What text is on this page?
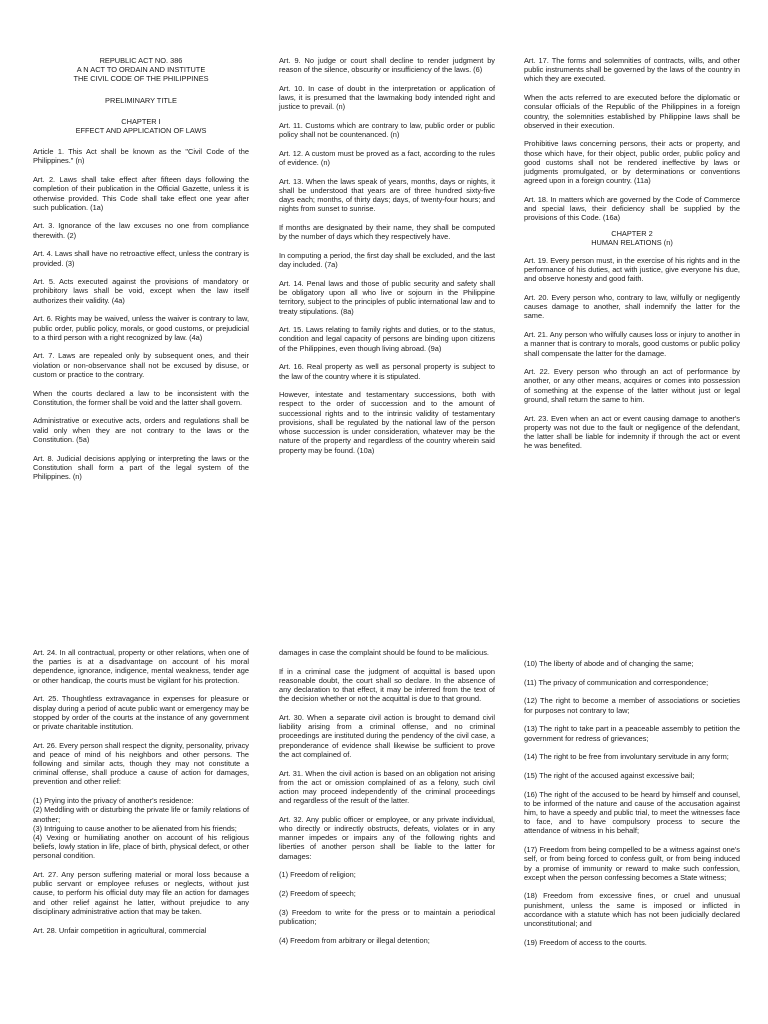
REPUBLIC ACT NO. 386

A N ACT TO ORDAIN AND INSTITUTE

THE CIVIL CODE OF THE PHILIPPINES

PRELIMINARY TITLE

CHAPTER I

EFFECT AND APPLICATION OF LAWS

Article 1. This Act shall be known as the "Civil Code of the Philippines." (n)

Art. 2. Laws shall take effect after fifteen days following the completion of their publication in the Official Gazette, unless it is otherwise provided. This Code shall take effect one year after such publication. (1a)

Art. 3. Ignorance of the law excuses no one from compliance therewith. (2)

Art. 4. Laws shall have no retroactive effect, unless the contrary is provided. (3)

Art. 5. Acts executed against the provisions of mandatory or prohibitory laws shall be void, except when the law itself authorizes their validity. (4a)

Art. 6. Rights may be waived, unless the waiver is contrary to law, public order, public policy, morals, or good customs, or prejudicial to a third person with a right recognized by law. (4a)

Art. 7. Laws are repealed only by subsequent ones, and their violation or non-observance shall not be excused by disuse, or custom or practice to the contrary.

When the courts declared a law to be inconsistent with the Constitution, the former shall be void and the latter shall govern.

Administrative or executive acts, orders and regulations shall be valid only when they are not contrary to the laws or the Constitution. (5a)

Art. 8. Judicial decisions applying or interpreting the laws or the Constitution shall form a part of the legal system of the Philippines. (n)

Art. 9. No judge or court shall decline to render judgment by reason of the silence, obscurity or insufficiency of the laws. (6)

Art. 10. In case of doubt in the interpretation or application of laws, it is presumed that the lawmaking body intended right and justice to prevail. (n)

Art. 11. Customs which are contrary to law, public order or public policy shall not be countenanced. (n)

Art. 12. A custom must be proved as a fact, according to the rules of evidence. (n)

Art. 13. When the laws speak of years, months, days or nights, it shall be understood that years are of three hundred sixty-five days each; months, of thirty days; days, of twenty-four hours; and nights from sunset to sunrise.

If months are designated by their name, they shall be computed by the number of days which they respectively have.

In computing a period, the first day shall be excluded, and the last day included. (7a)

Art. 14. Penal laws and those of public security and safety shall be obligatory upon all who live or sojourn in the Philippine territory, subject to the principles of public international law and to treaty stipulations. (8a)

Art. 15. Laws relating to family rights and duties, or to the status, condition and legal capacity of persons are binding upon citizens of the Philippines, even though living abroad. (9a)

Art. 16. Real property as well as personal property is subject to the law of the country where it is stipulated.

However, intestate and testamentary successions, both with respect to the order of succession and to the amount of successional rights and to the intrinsic validity of testamentary provisions, shall be regulated by the national law of the person whose succession is under consideration, whatever may be the nature of the property and regardless of the country wherein said property may be found. (10a)

Art. 17. The forms and solemnities of contracts, wills, and other public instruments shall be governed by the laws of the country in which they are executed.

When the acts referred to are executed before the diplomatic or consular officials of the Republic of the Philippines in a foreign country, the solemnities established by Philippine laws shall be observed in their execution.

Prohibitive laws concerning persons, their acts or property, and those which have, for their object, public order, public policy and good customs shall not be rendered ineffective by laws or judgments promulgated, or by determinations or conventions agreed upon in a foreign country. (11a)

Art. 18. In matters which are governed by the Code of Commerce and special laws, their deficiency shall be supplied by the provisions of this Code. (16a)

CHAPTER 2

HUMAN RELATIONS (n)

Art. 19. Every person must, in the exercise of his rights and in the performance of his duties, act with justice, give everyone his due, and observe honesty and good faith.

Art. 20. Every person who, contrary to law, wilfully or negligently causes damage to another, shall indemnify the latter for the same.

Art. 21. Any person who wilfully causes loss or injury to another in a manner that is contrary to morals, good customs or public policy shall compensate the latter for the damage.

Art. 22. Every person who through an act of performance by another, or any other means, acquires or comes into possession of something at the expense of the latter without just or legal ground, shall return the same to him.

Art. 23. Even when an act or event causing damage to another's property was not due to the fault or negligence of the defendant, the latter shall be liable for indemnity if through the act or event he was benefited.

Art. 24. In all contractual, property or other relations, when one of the parties is at a disadvantage on account of his moral dependence, ignorance, indigence, mental weakness, tender age or other handicap, the courts must be vigilant for his protection.

Art. 25. Thoughtless extravagance in expenses for pleasure or display during a period of acute public want or emergency may be stopped by order of the courts at the instance of any government or private charitable institution.

Art. 26. Every person shall respect the dignity, personality, privacy and peace of mind of his neighbors and other persons. The following and similar acts, though they may not constitute a criminal offense, shall produce a cause of action for damages, prevention and other relief:

(1) Prying into the privacy of another's residence:

(2) Meddling with or disturbing the private life or family relations of another;

(3) Intriguing to cause another to be alienated from his friends;

(4) Vexing or humiliating another on account of his religious beliefs, lowly station in life, place of birth, physical defect, or other personal condition.

Art. 27. Any person suffering material or moral loss because a public servant or employee refuses or neglects, without just cause, to perform his official duty may file an action for damages and other relief against he latter, without prejudice to any disciplinary administrative action that may be taken.

Art. 28. Unfair competition in agricultural, commercial

damages in case the complaint should be found to be malicious.

If in a criminal case the judgment of acquittal is based upon reasonable doubt, the court shall so declare. In the absence of any declaration to that effect, it may be inferred from the text of the decision whether or not the acquittal is due to that ground.

Art. 30. When a separate civil action is brought to demand civil liability arising from a criminal offense, and no criminal proceedings are instituted during the pendency of the civil case, a preponderance of evidence shall likewise be sufficient to prove the act complained of.

Art. 31. When the civil action is based on an obligation not arising from the act or omission complained of as a felony, such civil action may proceed independently of the criminal proceedings and regardless of the result of the latter.

Art. 32. Any public officer or employee, or any private individual, who directly or indirectly obstructs, defeats, violates or in any manner impedes or impairs any of the following rights and liberties of another person shall be liable to the latter for damages:

(1) Freedom of religion;

(2) Freedom of speech;

(3) Freedom to write for the press or to maintain a periodical publication;

(4) Freedom from arbitrary or illegal detention;

(10) The liberty of abode and of changing the same;

(11) The privacy of communication and correspondence;

(12) The right to become a member of associations or societies for purposes not contrary to law;

(13) The right to take part in a peaceable assembly to petition the government for redress of grievances;

(14) The right to be free from involuntary servitude in any form;

(15) The right of the accused against excessive bail;

(16) The right of the accused to be heard by himself and counsel, to be informed of the nature and cause of the accusation against him, to have a speedy and public trial, to meet the witnesses face to face, and to have compulsory process to secure the attendance of witness in his behalf;

(17) Freedom from being compelled to be a witness against one's self, or from being forced to confess guilt, or from being induced by a promise of immunity or reward to make such confession, except when the person confessing becomes a State witness;

(18) Freedom from excessive fines, or cruel and unusual punishment, unless the same is imposed or inflicted in accordance with a statute which has not been judicially declared unconstitutional; and

(19) Freedom of access to the courts.
